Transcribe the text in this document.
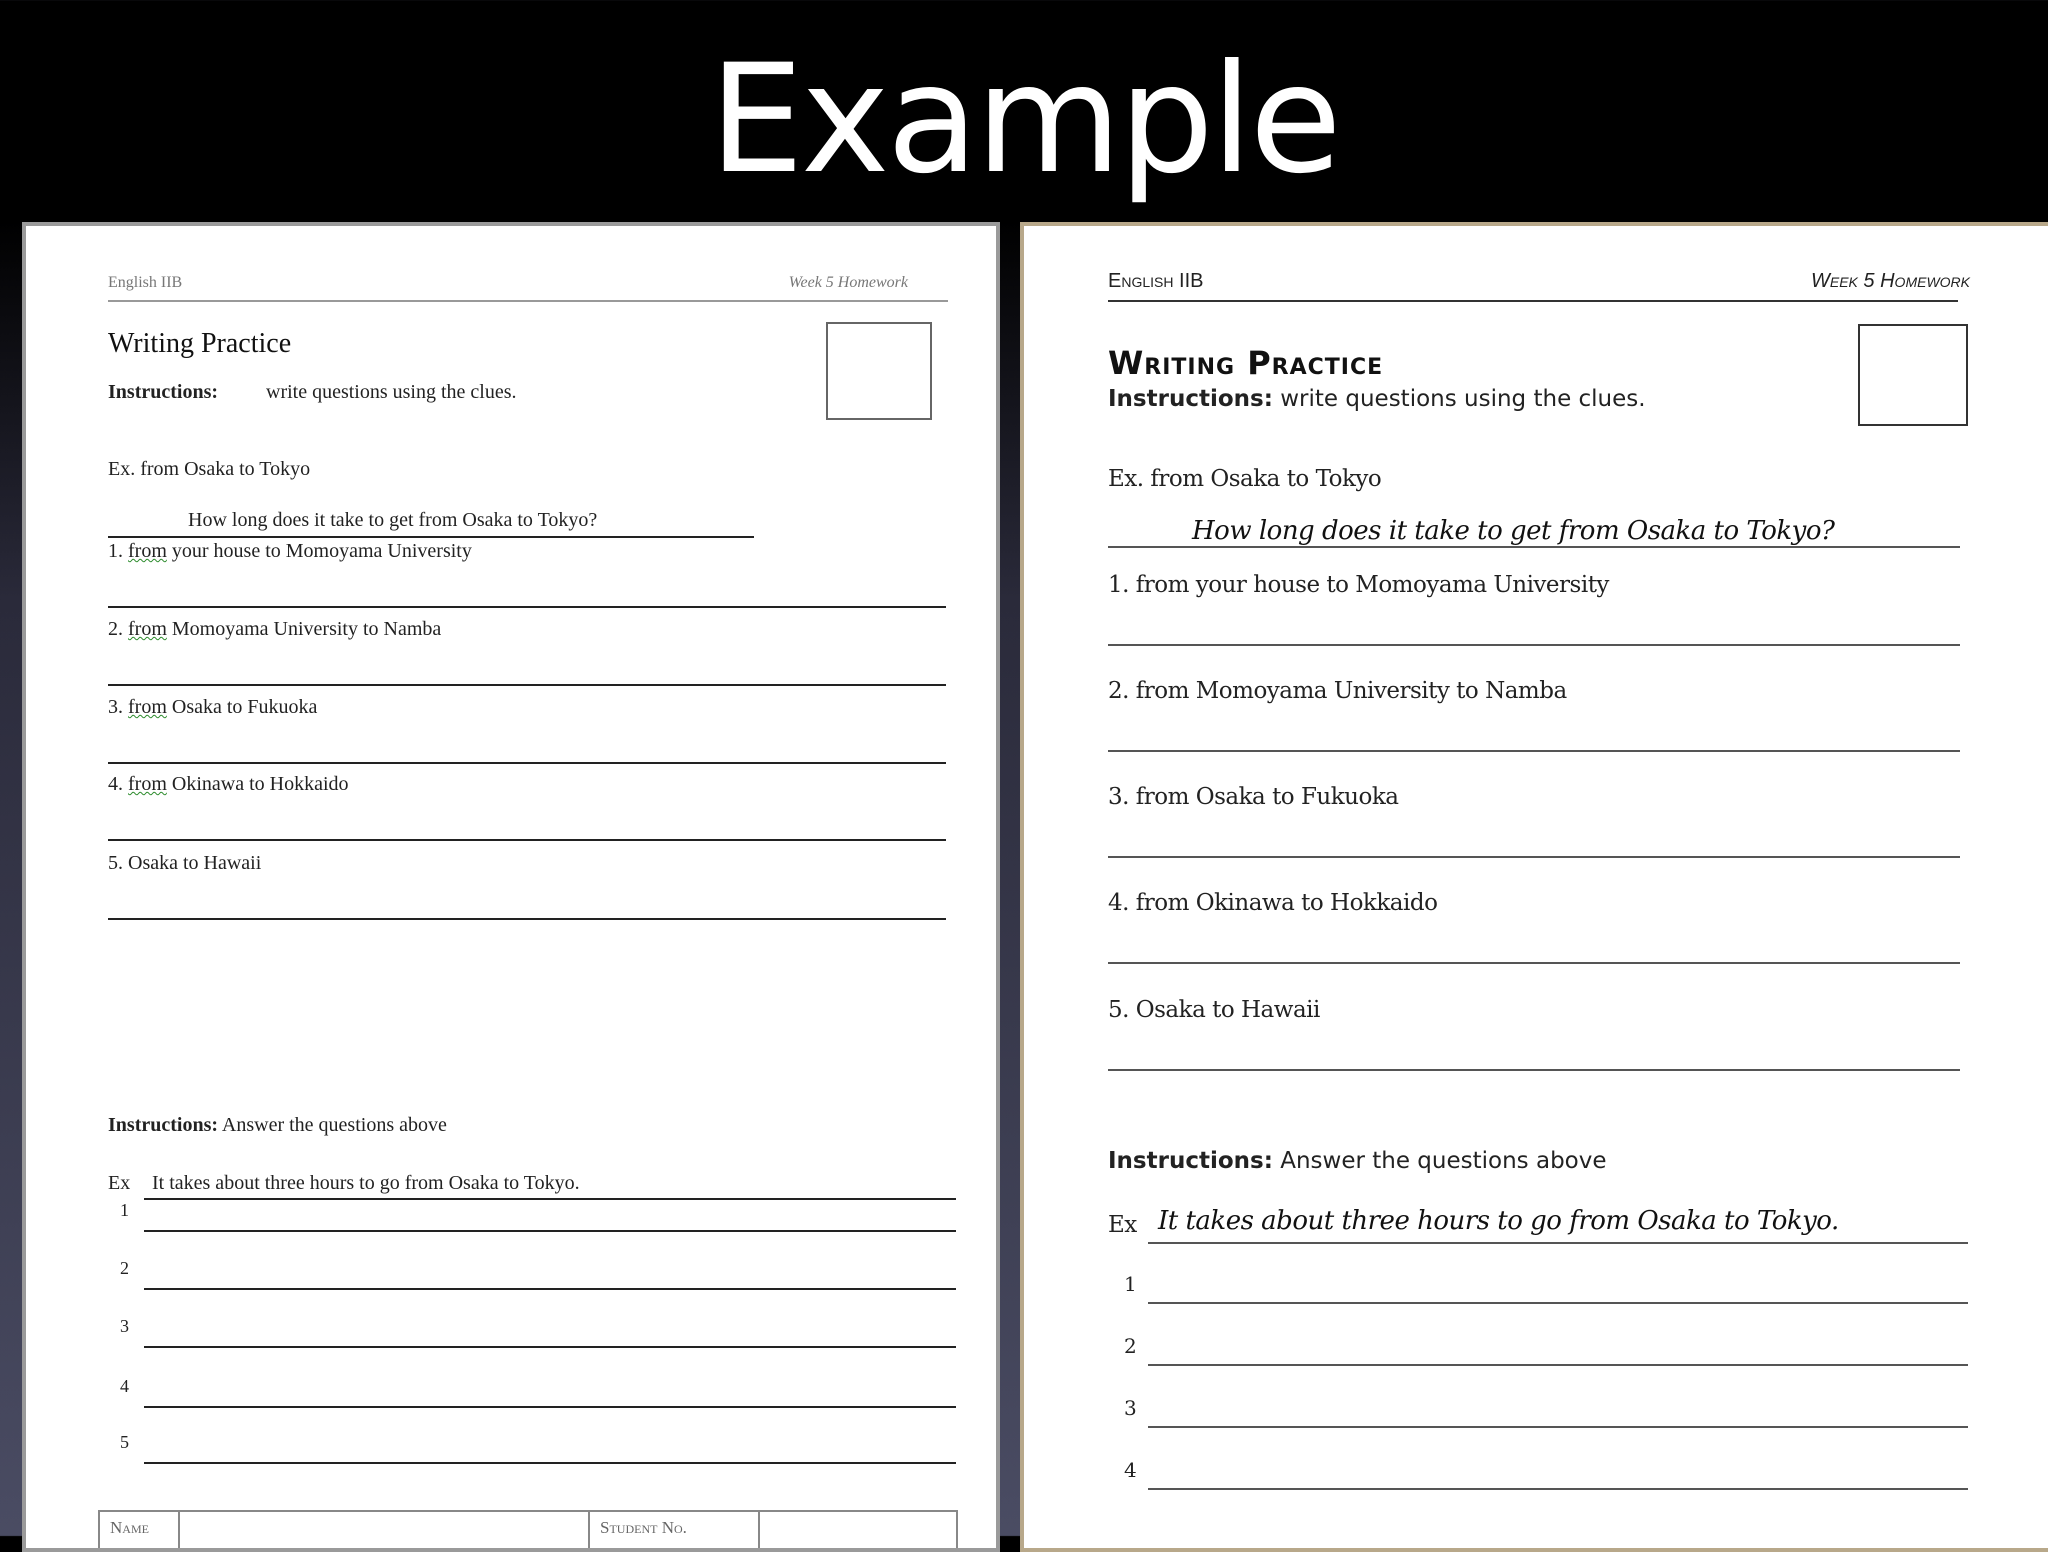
Example
English IIB	Week 5 Homework
Writing Practice
Instructions: write questions using the clues.
Ex. from Osaka to Tokyo
How long does it take to get from Osaka to Tokyo?
1. from your house to Momoyama University
2. from Momoyama University to Namba
3. from Osaka to Fukuoka
4. from Okinawa to Hokkaido
5. Osaka to Hawaii
Instructions: Answer the questions above
Ex It takes about three hours to go from Osaka to Tokyo.
1
2
3
4
5
Name	Student No.
English IIB	Week 5 Homework
Writing Practice
Instructions: write questions using the clues.
Ex. from Osaka to Tokyo
How long does it take to get from Osaka to Tokyo?
1. from your house to Momoyama University
2. from Momoyama University to Namba
3. from Osaka to Fukuoka
4. from Okinawa to Hokkaido
5. Osaka to Hawaii
Instructions: Answer the questions above
Ex It takes about three hours to go from Osaka to Tokyo.
1
2
3
4
